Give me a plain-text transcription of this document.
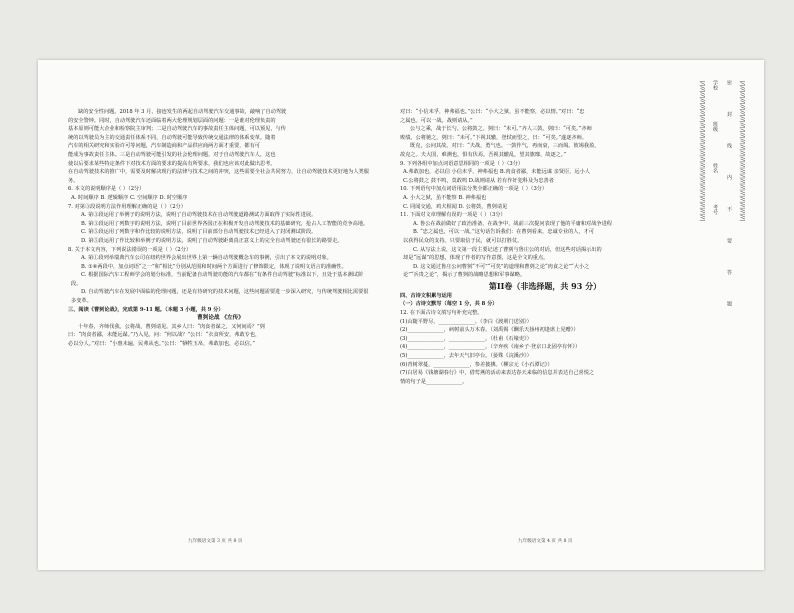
缺的安全性问题。2018 年 3 月，接连发生的两起自动驾驶汽车交通事故，敲响了自动驾驶

的安全警钟。同时，自动驾驶汽车还面临着两大伦理规划层面的问题：一是谁对伦理负责的

基本原则可能大企业和检察院主审判；二是自动驾驶汽车的事故责任主体问题，可以预见，与传

统的以驾驶员为主的交通责任体系不同，自动驾驶可能导致传统交通法律的体系变革。随着

汽车的相关研究和实验许可等问题，汽车制造商和产品供应商两方面才重要，都有可

能成为事故责任主体。三是自动驾驶可能引发的社会伦理问题，对于自动驾驶汽车人，这也

使以后要求某些特定条件下对技术方面的要求的提高有所要求，我们也应该对此做出思考。

在自动驾驶技术的推广中，需要及时解决现行的法律与技术之间的冲突，这些需要全社会共同努力，让自动驾驶技术更好地为人类服务。

6. 本文的说明顺序是（ ）（2分）

A. 时间顺序 B. 逻辑顺序 C. 空间顺序 D. 时空顺序

7. 对第③段说明方法作用理解正确的是（ ）（2分）

A. 第③段运用了举例子的说明方法，说明了自动驾驶技术在自动驾驶道路测试方面取得了实际性进展。

B. 第③段运用了列数字的说明方法，说明了目前世界各国正在积极开发自动驾驶技术的基础研究，抢占人工智能的竞争高地。

C. 第⑤段运用了列数字和作比较的说明方法，说明了目前部分自动驾驶技术已经进入了封闭测试阶段。

D. 第⑤段运用了作比较和举例子的说明方法，说明了自动驾驶距离真正意义上的完全自动驾驶还有很长的路要走。

8. 关于本文内容，下列说法错误的一项是（ ）（2分）

A. 第①段列举瑞典汽车公司在纽约世界会展出世界上第一辆自动驾驶概念车的事例，引出了本文的说明对象。

B. ①⑥两段中，加点词语“之一”和“相比”分别从范围和时间两个方面进行了修饰限定，体现了说明文语言的准确性。

C. 根据国际汽车工程师学会的划分标准，当前配备自动驾驶功能的汽车都在“有条件自动驾驶”标准以下，且处于基本测试阶段。

D. 自动驾驶汽车在发展中面临的伦理问题，还是有待研究的技术问题，这些问题需要进一步深入研究，与传统驾驶相比需要很多变革。

三、阅读《曹刿论战》，完成第 9-11 题。（本题 3 小题，共 9 分）

曹刿论战 《左传》

十年春，齐师伐我。公将战，曹刿请见。其乡人曰：“肉食者谋之，又何间焉？”刿

曰：“肉食者鄙，未能远谋。”乃入见。问：“何以战？”公曰：“衣食所安，弗敢专也，

必以分人。”对曰：“小惠未遍，民弗从也。”公曰：“牺牲玉帛，弗敢加也，必以信。”

对曰：“小信未孚，神弗福也。”公曰：“小大之狱，虽不能察，必以情。”对曰：“忠

之属也。可以一战。战则请从。”

公与之乘，战于长勺。公将鼓之。刿曰：“未可。”齐人三鼓。刿曰：“可矣。”齐师

败绩。公将驰之。刿曰：“未可。”下视其辙，登轼而望之，曰：“可矣。”遂逐齐师。

既克，公问其故。对曰：“夫战，勇气也。一鼓作气，再而衰，三而竭。彼竭我盈，

故克之。夫大国，难测也，惧有伏焉。吾视其辙乱，望其旗靡，故逐之。”

9. 下列各组中加点词语意思相同的一项是（ ）（3分）

A.弗敢加也，必以信 小信未孚，神弗福也 B.肉食者鄙，未能远谋 亲贤臣，远小人

C.公将鼓之 鼓不鸣，莫敢鸣 D.战则请从 若有作奸犯科及为忠善者

10. 下列语句中加点词语用法分类全都正确的一项是（ ）（3分）

A. 小大之狱，虽不能察 B. 神弗福也

C. 同闻交通，鸡犬相闻 D. 公将鼓，曹刿请见

11. 下面对文章理解有误的一项是（ ）（3分）

A. 鲁公在战前做好了政治准备，在战争中，战前三次提问表现了他的平庸和对战争进程

B. “忠之属也，可以一战。”这句话告诉我们：在曹刿看来，忠诚专业的人，才可

以获得民众的支持。只要取信于民，就可以打胜仗。

C. 从写法上说，这文第一段主要记述了曹刿与鲁庄公的对话，但这些对话揭示出的

却是“远谋”的思想，体现了作者的写作意图，这是全文的重点。

D. 这文通过鲁庄公问曹刿“不可”“可矣”的道理和曹刿之论“肉食之论”“大小之

论”“兵贵之论”，揭示了曹刿的战略思想和军事谋略。

第II卷（非选择题，共 93 分）

四、古诗文积累与运用

（一）古诗文默写（每空 1 分，共 8 分）

12. 在下面古诗文填写句补充完整。

(1)山随平野尽，______________。（李白《渡荆门送别》）

(2)______________，病树前头万木春。（刘禹锡《酬乐天扬州初逢席上见赠》）

(3)______________，______________。（杜甫《石壕吏》）

(4)______________，______________。（辛弃疾《南乡子·登京口北固亭有怀》）

(5)______________，去年天气旧亭台。（晏殊《浣溪沙》）

(6)青树翠蔓，______________，参差披拂。（柳宗元《小石潭记》）

(7)白居易《钱塘湖春行》中，借莺燕的活动来表达春天来临的信息并表达自己喜悦之

情的句子是______________。

九年级语文第 3 页 共 8 页	九年级语文第 4 页 共 8 页
|/|//|//|//|//|//|//|//|/|//|//|//|//|//|//|//|/|//|//|//|//|//|//|//| 学校　　　　　　 班级　　　　　　 姓名　　　　　　 考号
密　　　　　 封　　　　　 线　　　　　 内　　　　　 不　　　　　 要　　　　　 答　　　　　 题
|/|//|//|//|//|//|//|//|/|//|//|//|//|//|//|//|/|//|//|//|//|//|//|//|
